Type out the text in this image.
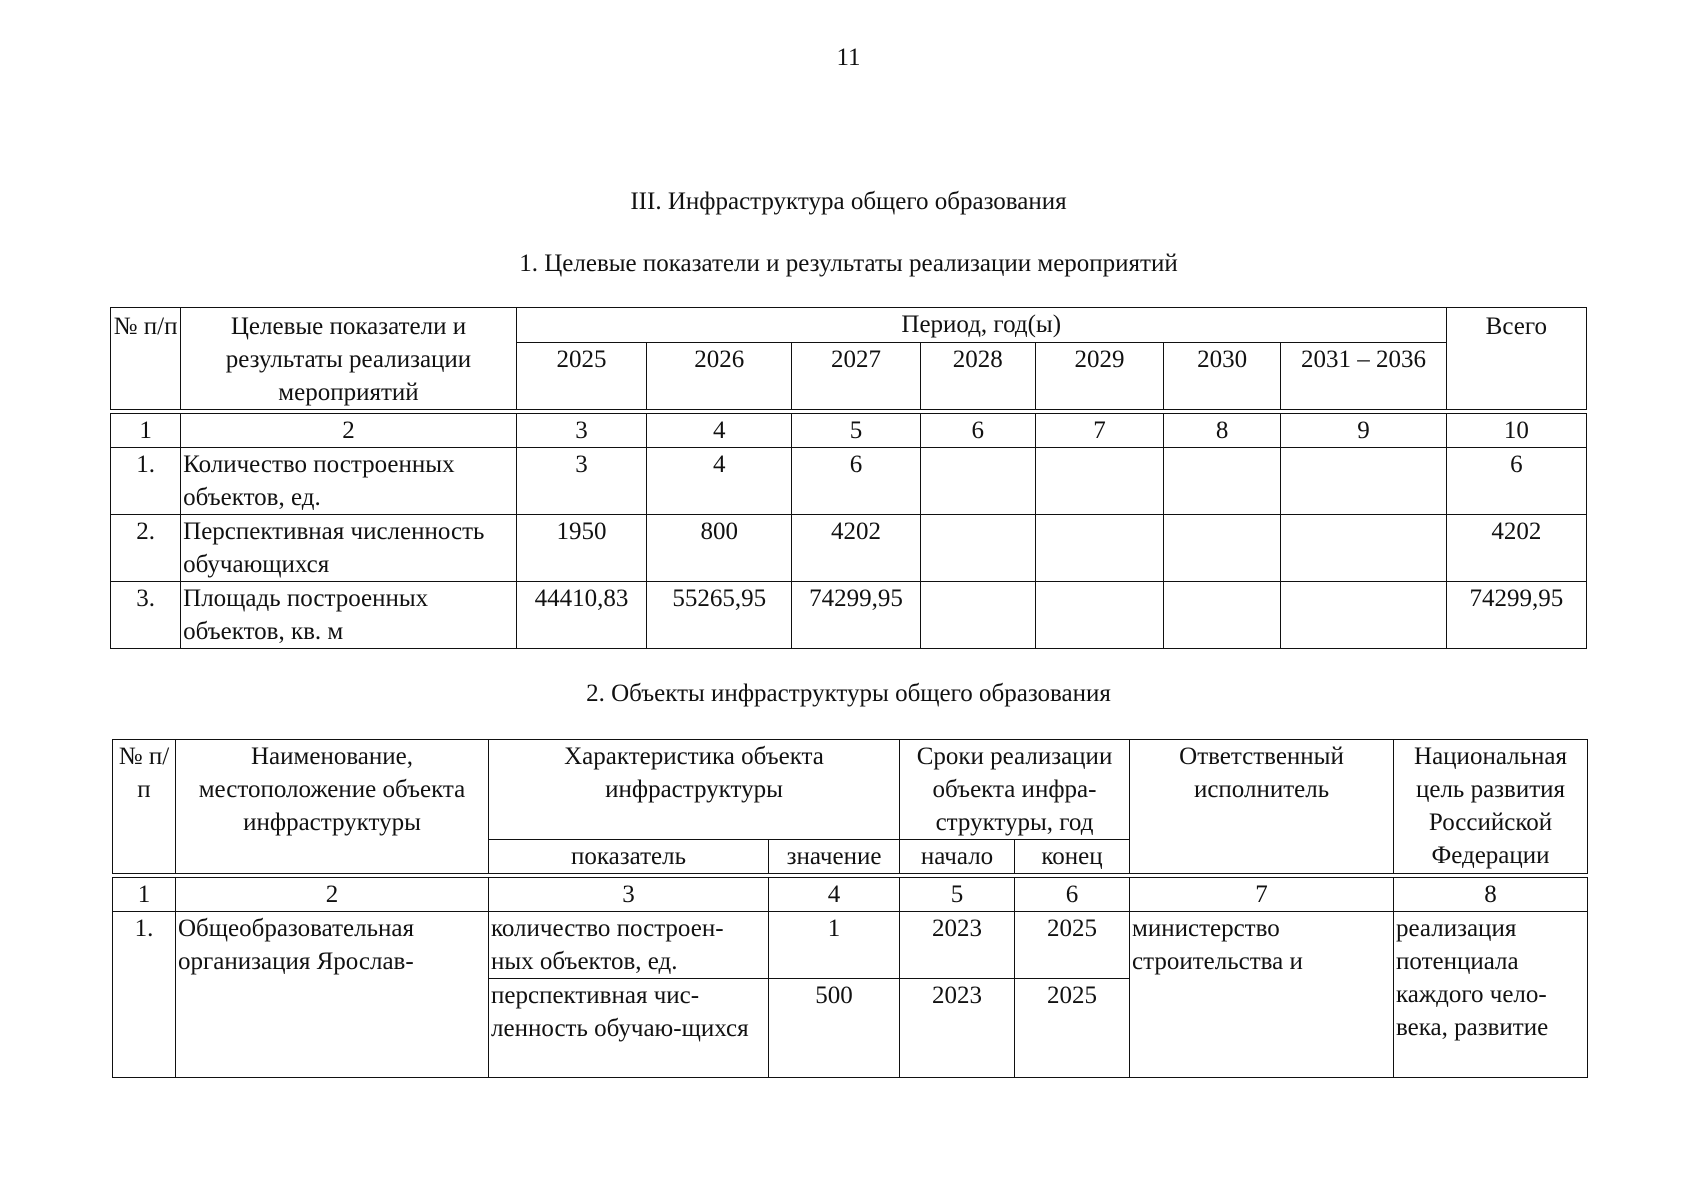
11
III. Инфраструктура общего образования
1. Целевые показатели и результаты реализации мероприятий
№ п/п	Целевые показатели и результаты реализации мероприятий	Период, год(ы)							Всего
		2025	2026	2027	2028	2029	2030	2031 – 2036	

1	2	3	4	5	6	7	8	9	10
1.	Количество построенных объектов, ед.	3	4	6					6
2.	Перспективная численность обучающихся	1950	800	4202					4202
3.	Площадь построенных объектов, кв. м	44410,83	55265,95	74299,95					74299,95
2. Объекты инфраструктуры общего образования
№ п/п	Наименование, местоположение объекта инфраструктуры	Характеристика объекта инфраструктуры		Сроки реализации объекта инфра-структуры, год		Ответственный исполнитель	Национальная цель развития Российской Федерации
		показатель	значение	начало	конец		

1	2	3	4	5	6	7	8
1.	Общеобразовательная организация Ярослав-	количество построен-ных объектов, ед.	1	2023	2025	министерство строительства и	реализация потенциала каждого чело-века, развитие
		перспективная чис-ленность обучаю-щихся	500	2023	2025		
